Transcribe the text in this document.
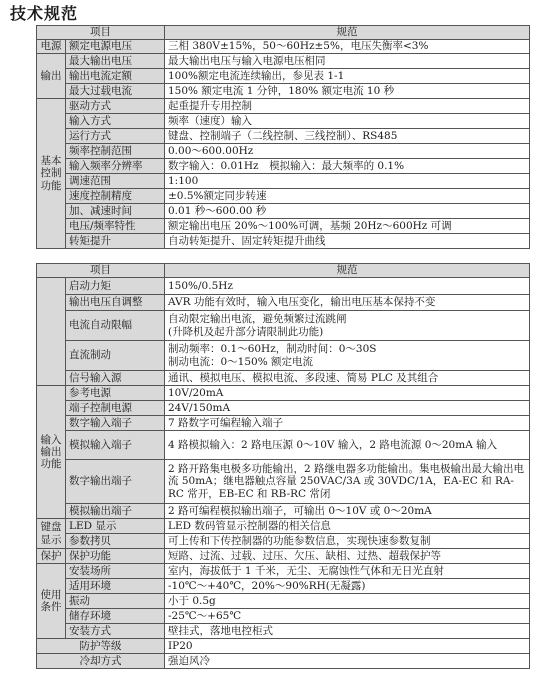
技术规范
项目		规范
电源	额定电源电压	三相 380V±15%，50～60Hz±5%，电压失衡率<3%
输出	最大输出电压	最大输出电压与输入电源电压相同
	输出电流定额	100%额定电流连续输出，参见表 1-1
	最大过载电流	150% 额定电流 1 分钟，180% 额定电流 10 秒
基本控制功能	驱动方式	起重提升专用控制
	输入方式	频率（速度）输入
	运行方式	键盘、控制端子（二线控制、三线控制）、RS485
	频率控制范围	0.00～600.00Hz
	输入频率分辨率	数字输入：0.01Hz　模拟输入：最大频率的 0.1%
	调速范围	1:100
	速度控制精度	±0.5%额定同步转速
	加、减速时间	0.01 秒～600.00 秒
	电压/频率特性	额定输出电压 20%～100%可调，基频 20Hz～600Hz 可调
	转矩提升	自动转矩提升、固定转矩提升曲线
项目		规范
	启动力矩	150%/0.5Hz
	输出电压自调整	AVR 功能有效时，输入电压变化，输出电压基本保持不变
	电流自动限幅	自动限定输出电流，避免频繁过流跳闸
(升降机及起升部分请限制此功能)

	直流制动	制动频率：0.1～60Hz，制动时间：0～30S
制动电流：0～150% 额定电流

	信号输入源	通讯、模拟电压、模拟电流、多段速、简易 PLC 及其组合
输入输出功能	参考电源	10V/20mA
	端子控制电源	24V/150mA
	数字输入端子	7 路数字可编程输入端子
	模拟输入端子	4 路模拟输入：2 路电压源 0～10V 输入，2 路电流源 0～20mA 输入
	数字输出端子	2 路开路集电极多功能输出，2 路继电器多功能输出。集电极输出最大输出电流 50mA；继电器触点容量 250VAC/3A 或 30VDC/1A，EA-EC 和 RA-RC 常开，EB-EC 和 RB-RC 常闭
	模拟输出端子	2 路可编程模拟输出端子，可输出 0～10V 或 0～20mA
键盘显示	LED 显示	LED 数码管显示控制器的相关信息
	参数拷贝	可上传和下传控制器的功能参数信息，实现快速参数复制
保护	保护功能	短路、过流、过载、过压、欠压、缺相、过热、超载保护等
使用条件	安装场所	室内，海拔低于 1 千米，无尘、无腐蚀性气体和无日光直射
	适用环境	-10℃～+40℃，20%～90%RH(无凝露)
	振动	小于 0.5g
	储存环境	-25℃～+65℃
	安装方式	壁挂式，落地电控柜式
防护等级		IP20
冷却方式		强迫风冷
